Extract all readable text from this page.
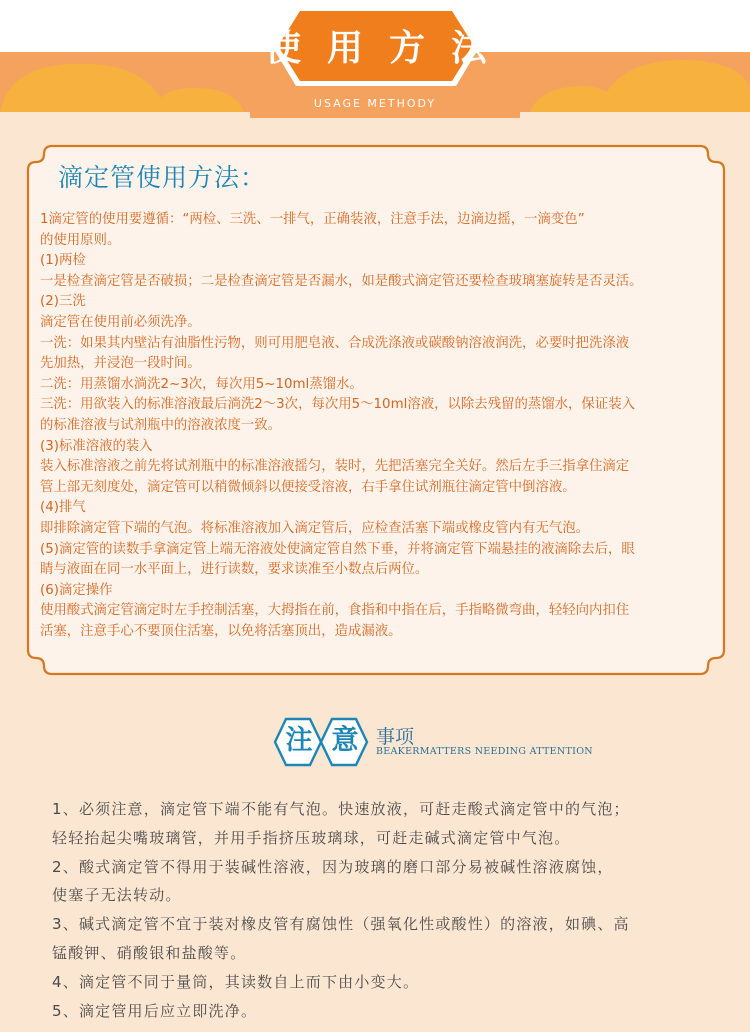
使 用 方 法
USAGE METHODY
滴定管使用方法：

1滴定管的使用要遵循：“两检、三洗、一排气，正确装液，注意手法，边滴边摇，一滴变色”

的使用原则。

(1)两检

一是检查滴定管是否破损；二是检查滴定管是否漏水，如是酸式滴定管还要检查玻璃塞旋转是否灵活。

(2)三洗

滴定管在使用前必须洗净。

一洗：如果其内壁沾有油脂性污物，则可用肥皂液、合成洗涤液或碳酸钠溶液润洗，必要时把洗涤液

先加热，并浸泡一段时间。

二洗：用蒸馏水淌洗2~3次，每次用5~10ml蒸馏水。

三洗：用欲装入的标准溶液最后淌洗2〜3次，每次用5〜10ml溶液，以除去残留的蒸馏水，保证装入

的标准溶液与试剂瓶中的溶液浓度一致。

(3)标准溶液的装入

装入标准溶液之前先将试剂瓶中的标准溶液摇匀，装时，先把活塞完全关好。然后左手三指拿住滴定

管上部无刻度处，滴定管可以稍微倾斜以便接受溶液，右手拿住试剂瓶往滴定管中倒溶液。

(4)排气

即排除滴定管下端的气泡。将标准溶液加入滴定管后，应检查活塞下端或橡皮管内有无气泡。

(5)滴定管的读数手拿滴定管上端无溶液处使滴定管自然下垂，并将滴定管下端悬挂的液滴除去后，眼

睛与液面在同一水平面上，进行读数，要求读准至小数点后两位。

(6)滴定操作

使用酸式滴定管滴定时左手控制活塞，大拇指在前，食指和中指在后，手指略微弯曲，轻轻向内扣住

活塞，注意手心不要顶住活塞，以免将活塞顶出，造成漏液。

注 意 事项
BEAKERMATTERS NEEDING ATTENTION

1、必须注意，滴定管下端不能有气泡。快速放液，可赶走酸式滴定管中的气泡；

轻轻抬起尖嘴玻璃管，并用手指挤压玻璃球，可赶走碱式滴定管中气泡。

2、酸式滴定管不得用于装碱性溶液，因为玻璃的磨口部分易被碱性溶液腐蚀，

使塞子无法转动。

3、碱式滴定管不宜于装对橡皮管有腐蚀性（强氧化性或酸性）的溶液，如碘、高

锰酸钾、硝酸银和盐酸等。

4、滴定管不同于量筒，其读数自上而下由小变大。

5、滴定管用后应立即洗净。
